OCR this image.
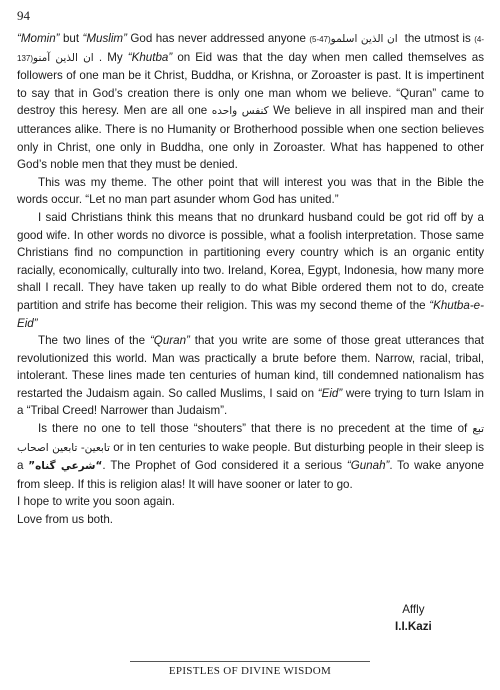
94

“Momin” but “Muslim” God has never addressed anyone (5-47) ان الذين اسلمو the utmost is (4-137) ان الذين آمنو. My “Khutba” on Eid was that the day when men called themselves as followers of one man be it Christ, Buddha, or Krishna, or Zoroaster is past. It is impertinent to say that in God’s creation there is only one man whom we believe. “Quran” came to destroy this heresy. Men are all one كنفس واحده We believe in all inspired man and their utterances alike. There is no Humanity or Brotherhood possible when one section believes only in Christ, one only in Buddha, one only in Zoroaster. What has happened to other God’s noble men that they must be denied.

This was my theme. The other point that will interest you was that in the Bible the words occur. “Let no man part asunder whom God has united.”

I said Christians think this means that no drunkard husband could be got rid off by a good wife. In other words no divorce is possible, what a foolish interpretation. Those same Christians find no compunction in partitioning every country which is an organic entity racially, economically, culturally into two. Ireland, Korea, Egypt, Indonesia, how many more shall I recall. They have taken up really to do what Bible ordered them not to do, create partition and strife has become their religion. This was my second theme of the “Khutba-e-Eid”

The two lines of the “Quran” that you write are some of those great utterances that revolutionized this world. Man was practically a brute before them. Narrow, racial, tribal, intolerant. These lines made ten centuries of human kind, till condemned nationalism has restarted the Judaism again. So called Muslims, I said on “Eid” were trying to turn Islam in a “Tribal Creed! Narrower than Judaism”.

Is there no one to tell those “shouters” that there is no precedent at the time of تبع تابعين- تابعين اصحاب or in ten centuries to wake people. But disturbing people in their sleep is a “شرعي گناه”. The Prophet of God considered it a serious “Gunah”. To wake anyone from sleep. If this is religion alas! It will have sooner or later to go.

I hope to write you soon again.

Love from us both.

Affly
I.I.Kazi
EPISTLES OF DIVINE WISDOM
